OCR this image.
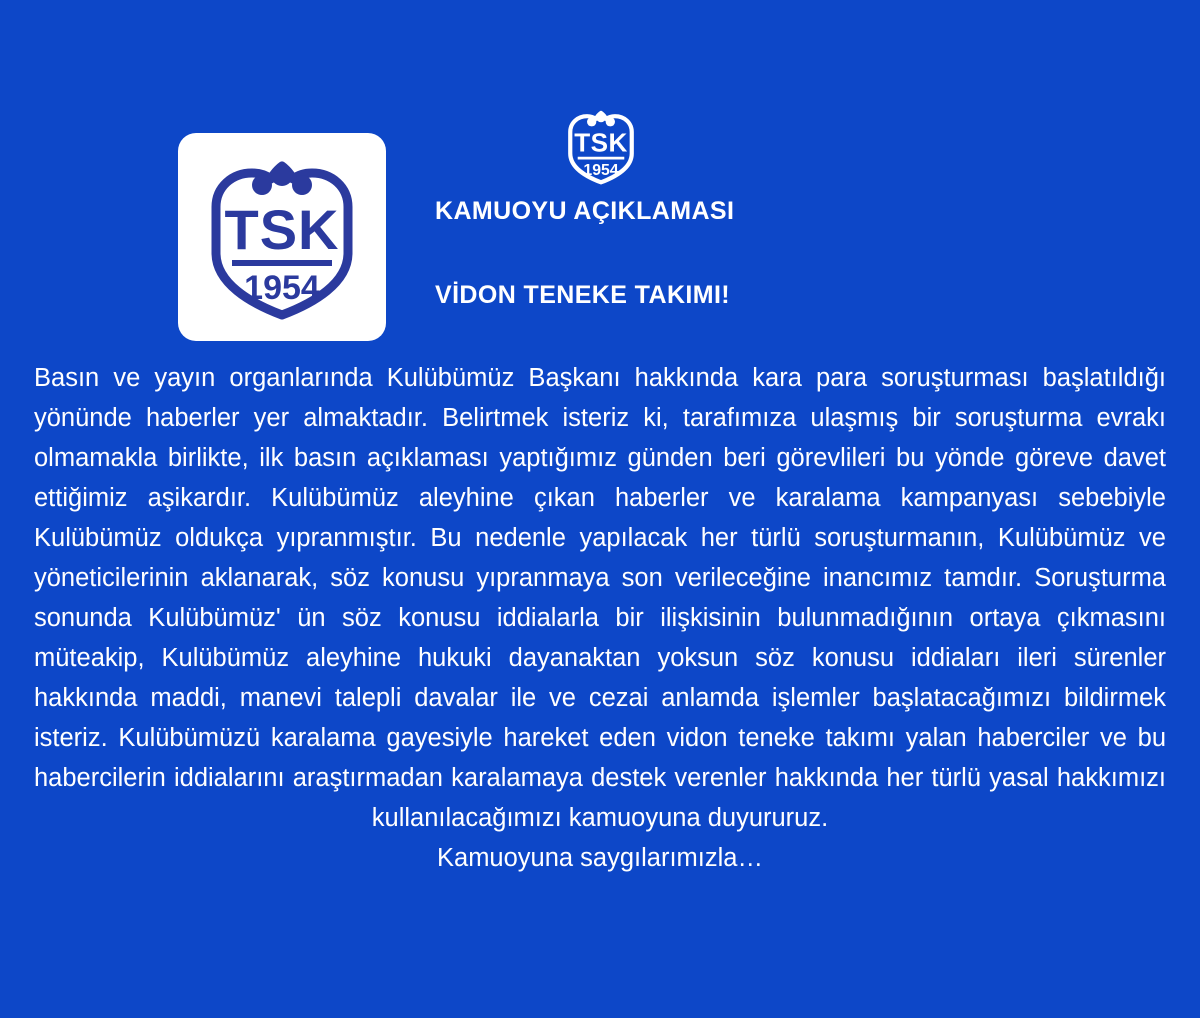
TSK
1954
TSK
1954
KAMUOYU AÇIKLAMASI
VİDON TENEKE TAKIMI!

Basın ve yayın organlarında Kulübümüz Başkanı hakkında kara para soruşturması başlatıldığı yönünde haberler yer almaktadır. Belirtmek isteriz ki, tarafımıza ulaşmış bir soruşturma evrakı olmamakla birlikte, ilk basın açıklaması yaptığımız günden beri görevlileri bu yönde göreve davet ettiğimiz aşikardır. Kulübümüz aleyhine çıkan haberler ve karalama kampanyası sebebiyle Kulübümüz oldukça yıpranmıştır. Bu nedenle yapılacak her türlü soruşturmanın, Kulübümüz ve yöneticilerinin aklanarak, söz konusu yıpranmaya son verileceğine inancımız tamdır. Soruşturma sonunda Kulübümüz' ün söz konusu iddialarla bir ilişkisinin bulunmadığının ortaya çıkmasını müteakip, Kulübümüz aleyhine hukuki dayanaktan yoksun söz konusu iddiaları ileri sürenler hakkında maddi, manevi talepli davalar ile ve cezai anlamda işlemler başlatacağımızı bildirmek isteriz. Kulübümüzü karalama gayesiyle hareket eden vidon teneke takımı yalan haberciler ve bu habercilerin iddialarını araştırmadan karalamaya destek verenler hakkında her türlü yasal hakkımızı kullanılacağımızı kamuoyuna duyururuz.

Kamuoyuna saygılarımızla…
